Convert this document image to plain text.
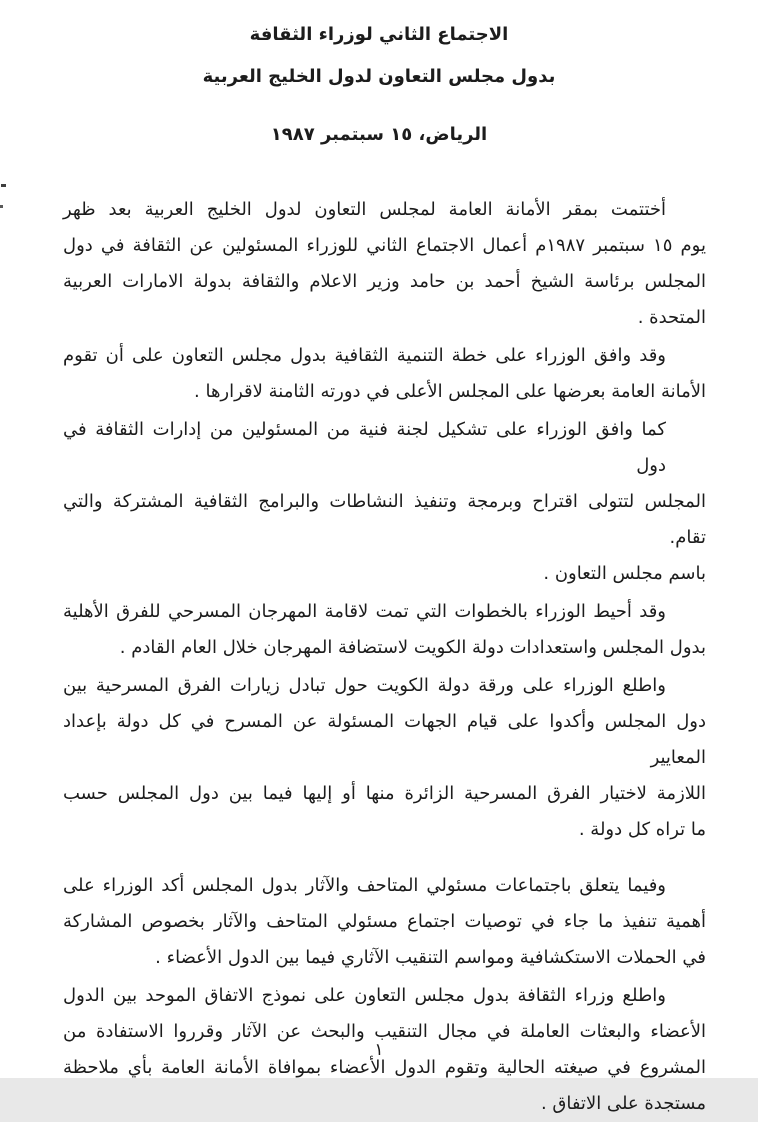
الاجتماع الثاني لوزراء الثقافة
بدول مجلس التعاون لدول الخليج العربية
الرياض، ١٥ سبتمبر ١٩٨٧

أختتمت بمقر الأمانة العامة لمجلس التعاون لدول الخليج العربية بعد ظهر
يوم ١٥ سبتمبر ١٩٨٧م أعمال الاجتماع الثاني للوزراء المسئولين عن الثقافة في دول
المجلس برئاسة الشيخ أحمد بن حامد وزير الاعلام والثقافة بدولة الامارات العربية
المتحدة .

وقد وافق الوزراء على خطة التنمية الثقافية بدول مجلس التعاون على أن تقوم
الأمانة العامة بعرضها على المجلس الأعلى في دورته الثامنة لاقرارها .

كما وافق الوزراء على تشكيل لجنة فنية من المسئولين من إدارات الثقافة في دول
المجلس لتتولى اقتراح وبرمجة وتنفيذ النشاطات والبرامج الثقافية المشتركة والتي تقام.
باسم مجلس التعاون .

وقد أحيط الوزراء بالخطوات التي تمت لاقامة المهرجان المسرحي للفرق الأهلية
بدول المجلس واستعدادات دولة الكويت لاستضافة المهرجان خلال العام القادم .

واطلع الوزراء على ورقة دولة الكويت حول تبادل زيارات الفرق المسرحية بين
دول المجلس وأكدوا على قيام الجهات المسئولة عن المسرح في كل دولة بإعداد المعايير
اللازمة لاختيار الفرق المسرحية الزائرة منها أو إليها فيما بين دول المجلس حسب
ما تراه كل دولة .

وفيما يتعلق باجتماعات مسئولي المتاحف والآثار بدول المجلس أكد الوزراء على
أهمية تنفيذ ما جاء في توصيات اجتماع مسئولي المتاحف والآثار بخصوص المشاركة
في الحملات الاستكشافية ومواسم التنقيب الآثاري فيما بين الدول الأعضاء .

واطلع وزراء الثقافة بدول مجلس التعاون على نموذج الاتفاق الموحد بين الدول
الأعضاء والبعثات العاملة في مجال التنقيب والبحث عن الآثار وقرروا الاستفادة من
المشروع في صيغته الحالية وتقوم الدول الأعضاء بموافاة الأمانة العامة بأي ملاحظة
مستجدة على الاتفاق .

١
